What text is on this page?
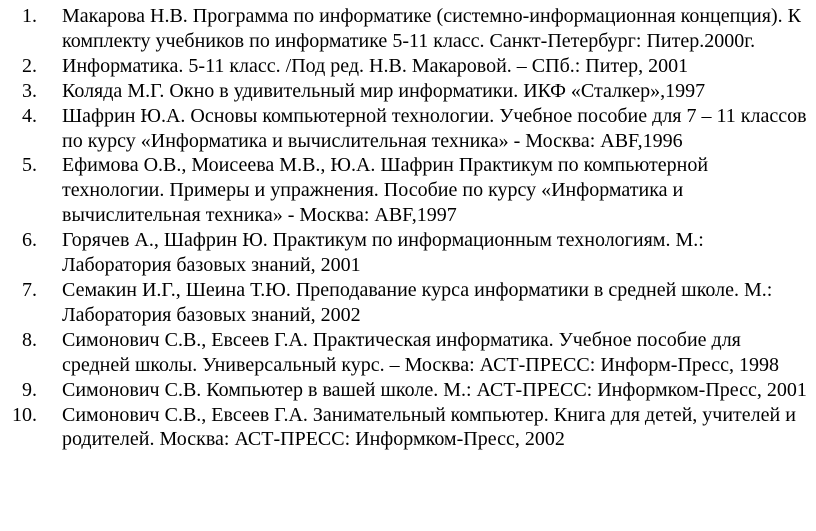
1. Макарова Н.В. Программа по информатике (системно-информационная концепция). К комплекту учебников по информатике 5-11 класс. Санкт-Петербург: Питер.2000г.
2. Информатика. 5-11 класс. /Под ред. Н.В. Макаровой. – СПб.: Питер, 2001
3. Коляда М.Г. Окно в удивительный мир информатики. ИКФ «Сталкер»,1997
4. Шафрин Ю.А. Основы компьютерной технологии. Учебное пособие для 7 – 11 классов по курсу «Информатика и вычислительная техника» - Москва: ABF,1996
5. Ефимова О.В., Моисеева М.В., Ю.А. Шафрин Практикум по компьютерной технологии. Примеры и упражнения. Пособие по курсу «Информатика и вычислительная техника» - Москва: ABF,1997
6. Горячев А., Шафрин Ю. Практикум по информационным технологиям. М.: Лаборатория базовых знаний, 2001
7. Семакин И.Г., Шеина Т.Ю. Преподавание курса информатики в средней школе. М.: Лаборатория базовых знаний, 2002
8. Симонович С.В., Евсеев Г.А. Практическая информатика. Учебное пособие для средней школы. Универсальный курс. – Москва: АСТ-ПРЕСС: Информ-Пресс, 1998
9. Симонович С.В. Компьютер в вашей школе. М.: АСТ-ПРЕСС: Информком-Пресс, 2001
10. Симонович С.В., Евсеев Г.А. Занимательный компьютер. Книга для детей, учителей и родителей. Москва: АСТ-ПРЕСС: Информком-Пресс, 2002
